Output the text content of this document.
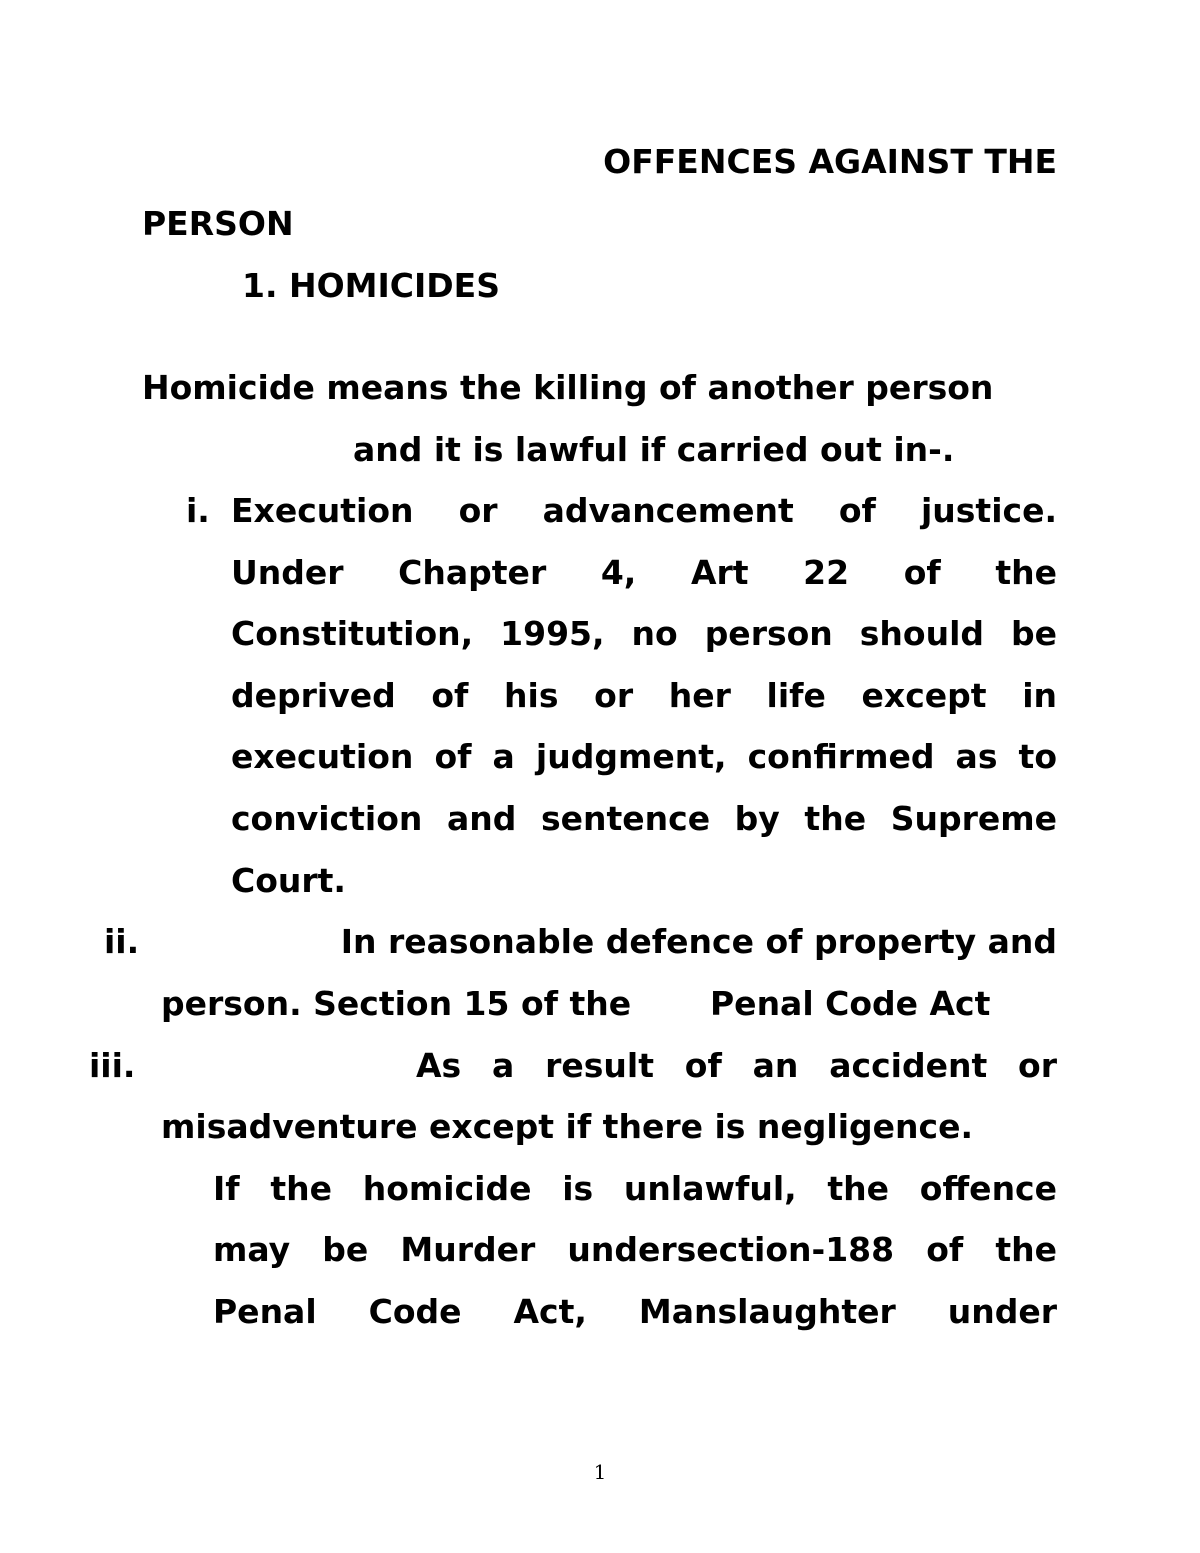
OFFENCES AGAINST THE
PERSON
1. HOMICIDES
Homicide means the killing of another person
and it is lawful if carried out in-.
i. Execution or advancement of justice.
Under Chapter 4, Art 22 of the
Constitution, 1995, no person should be
deprived of his or her life except in
execution of a judgment, confirmed as to
conviction and sentence by the Supreme
Court.
ii.	In reasonable defence of property and
person. Section 15 of the Penal Code Act
iii.	As a result of an accident or
misadventure except if there is negligence.
If the homicide is unlawful, the offence
may be Murder undersection-188 of the
Penal Code Act, Manslaughter under
1
